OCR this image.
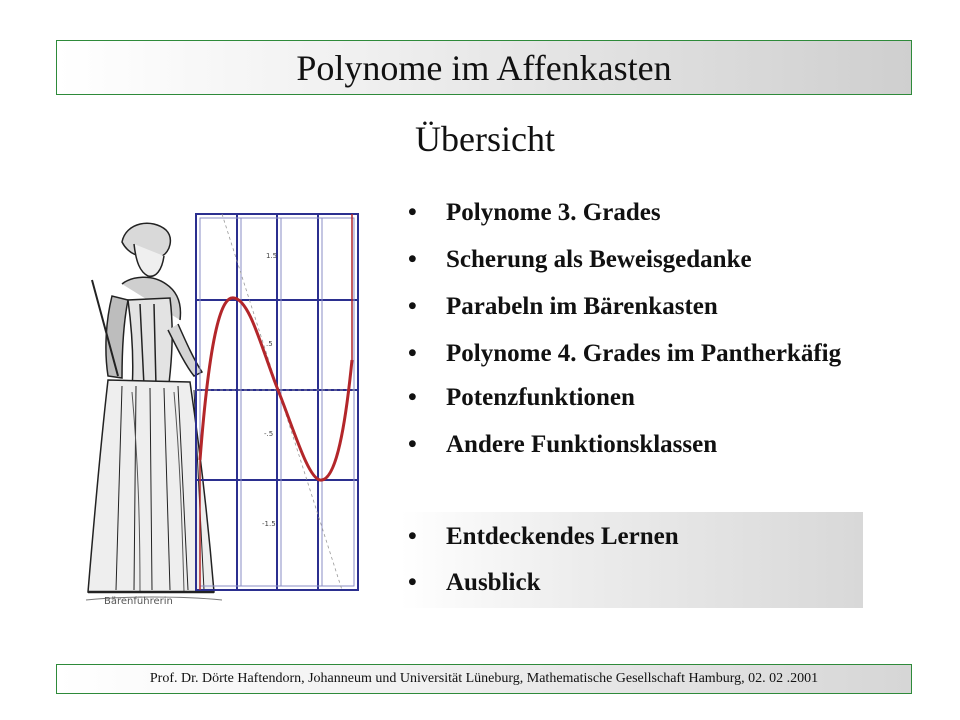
Polynome im Affenkasten
Übersicht
1.5
.5
-.5
-1.5
Bärenführerin
• Polynome 3. Grades
• Scherung als Beweisgedanke
• Parabeln im Bärenkasten
• Polynome 4. Grades im Pantherkäfig
• Potenzfunktionen
• Andere Funktionsklassen
• Entdeckendes Lernen
• Ausblick
Prof. Dr. Dörte Haftendorn, Johanneum und Universität Lüneburg, Mathematische Gesellschaft Hamburg, 02. 02 .2001
